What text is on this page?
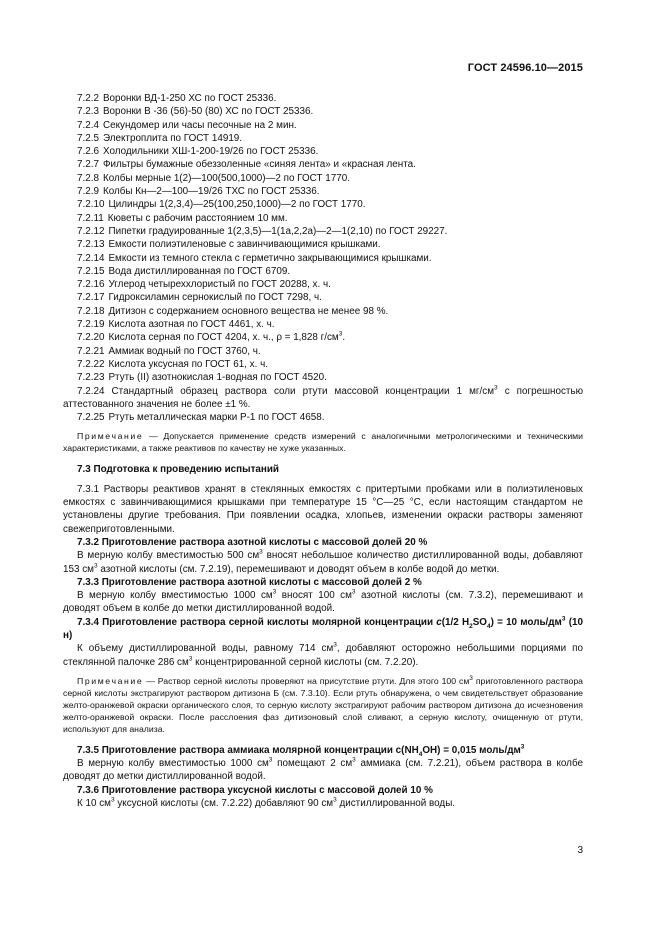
ГОСТ 24596.10—2015
7.2.2 Воронки ВД-1-250 ХС по ГОСТ 25336.
7.2.3 Воронки В -36 (56)-50 (80) ХС по ГОСТ 25336.
7.2.4 Секундомер или часы песочные на 2 мин.
7.2.5 Электроплита по ГОСТ 14919.
7.2.6 Холодильники ХШ-1-200-19/26 по ГОСТ 25336.
7.2.7 Фильтры бумажные обеззоленные «синяя лента» и «красная лента.
7.2.8 Колбы мерные 1(2)—100(500,1000)—2 по ГОСТ 1770.
7.2.9 Колбы Кн—2—100—19/26 ТХС по ГОСТ 25336.
7.2.10 Цилиндры 1(2,3,4)—25(100,250,1000)—2 по ГОСТ 1770.
7.2.11 Кюветы с рабочим расстоянием 10 мм.
7.2.12 Пипетки градуированные 1(2,3,5)—1(1а,2,2а)—2—1(2,10) по ГОСТ 29227.
7.2.13 Емкости полиэтиленовые с завинчивающимися крышками.
7.2.14 Емкости из темного стекла с герметично закрывающимися крышками.
7.2.15 Вода дистиллированная по ГОСТ 6709.
7.2.16 Углерод четыреххлористый по ГОСТ 20288, х. ч.
7.2.17 Гидроксиламин сернокислый по ГОСТ 7298, ч.
7.2.18 Дитизон с содержанием основного вещества не менее 98 %.
7.2.19 Кислота азотная по ГОСТ 4461, х. ч.
7.2.20 Кислота серная по ГОСТ 4204, х. ч., ρ = 1,828 $г/см^3$.
7.2.21 Аммиак водный по ГОСТ 3760, ч.
7.2.22 Кислота уксусная по ГОСТ 61, х. ч.
7.2.23 Ртуть (II) азотнокислая 1-водная по ГОСТ 4520.
7.2.24 Стандартный образец раствора соли ртути массовой концентрации 1 $мг/см^3$ с погрешностью аттестованного значения не более ±1 %.
7.2.25 Ртуть металлическая марки Р-1 по ГОСТ 4658.
Примечание — Допускается применение средств измерений с аналогичными метрологическими и техническими характеристиками, а также реактивов по качеству не хуже указанных.
7.3 Подготовка к проведению испытаний
7.3.1 Растворы реактивов хранят в стеклянных емкостях с притертыми пробками или в полиэтиленовых емкостях с завинчивающимися крышками при температуре 15 °С—25 °С, если настоящим стандартом не установлены другие требования. При появлении осадка, хлопьев, изменении окраски растворы заменяют свежеприготовленными.
7.3.2 Приготовление раствора азотной кислоты с массовой долей 20 %
В мерную колбу вместимостью 500 $см^3$ вносят небольшое количество дистиллированной воды, добавляют 153 $см^3$ азотной кислоты (см. 7.2.19), перемешивают и доводят объем в колбе водой до метки.
7.3.3 Приготовление раствора азотной кислоты с массовой долей 2 %
В мерную колбу вместимостью 1000 $см^3$ вносят 100 $см^3$ азотной кислоты (см. 7.3.2), перемешивают и доводят объем в колбе до метки дистиллированной водой.
7.3.4 Приготовление раствора серной кислоты молярной концентрации c(1/2 $H_2SO_4) = 10$ моль/$дм^3$ (10 н)
К объему дистиллированной воды, равному 714 $см^3$, добавляют осторожно небольшими порциями по стеклянной палочке 286 $см^3$ концентрированной серной кислоты (см. 7.2.20).
Примечание — Раствор серной кислоты проверяют на присутствие ртути. Для этого 100 $см^3$ приготовленного раствора серной кислоты экстрагируют раствором дитизона Б (см. 7.3.10). Если ртуть обнаружена, о чем свидетельствует образование желто-оранжевой окраски органического слоя, то серную кислоту экстрагируют рабочим раствором дитизона до исчезновения желто-оранжевой окраски. После расслоения фаз дитизоновый слой сливают, а серную кислоту, очищенную от ртути, используют для анализа.
7.3.5 Приготовление раствора аммиака молярной концентрации $c(NH_4OH) = 0,015$ моль/$дм^3$
В мерную колбу вместимостью 1000 $см^3$ помещают 2 $см^3$ аммиака (см. 7.2.21), объем раствора в колбе доводят до метки дистиллированной водой.
7.3.6 Приготовление раствора уксусной кислоты с массовой долей 10 %
К 10 $см^3$ уксусной кислоты (см. 7.2.22) добавляют 90 $см^3$ дистиллированной воды.
3
